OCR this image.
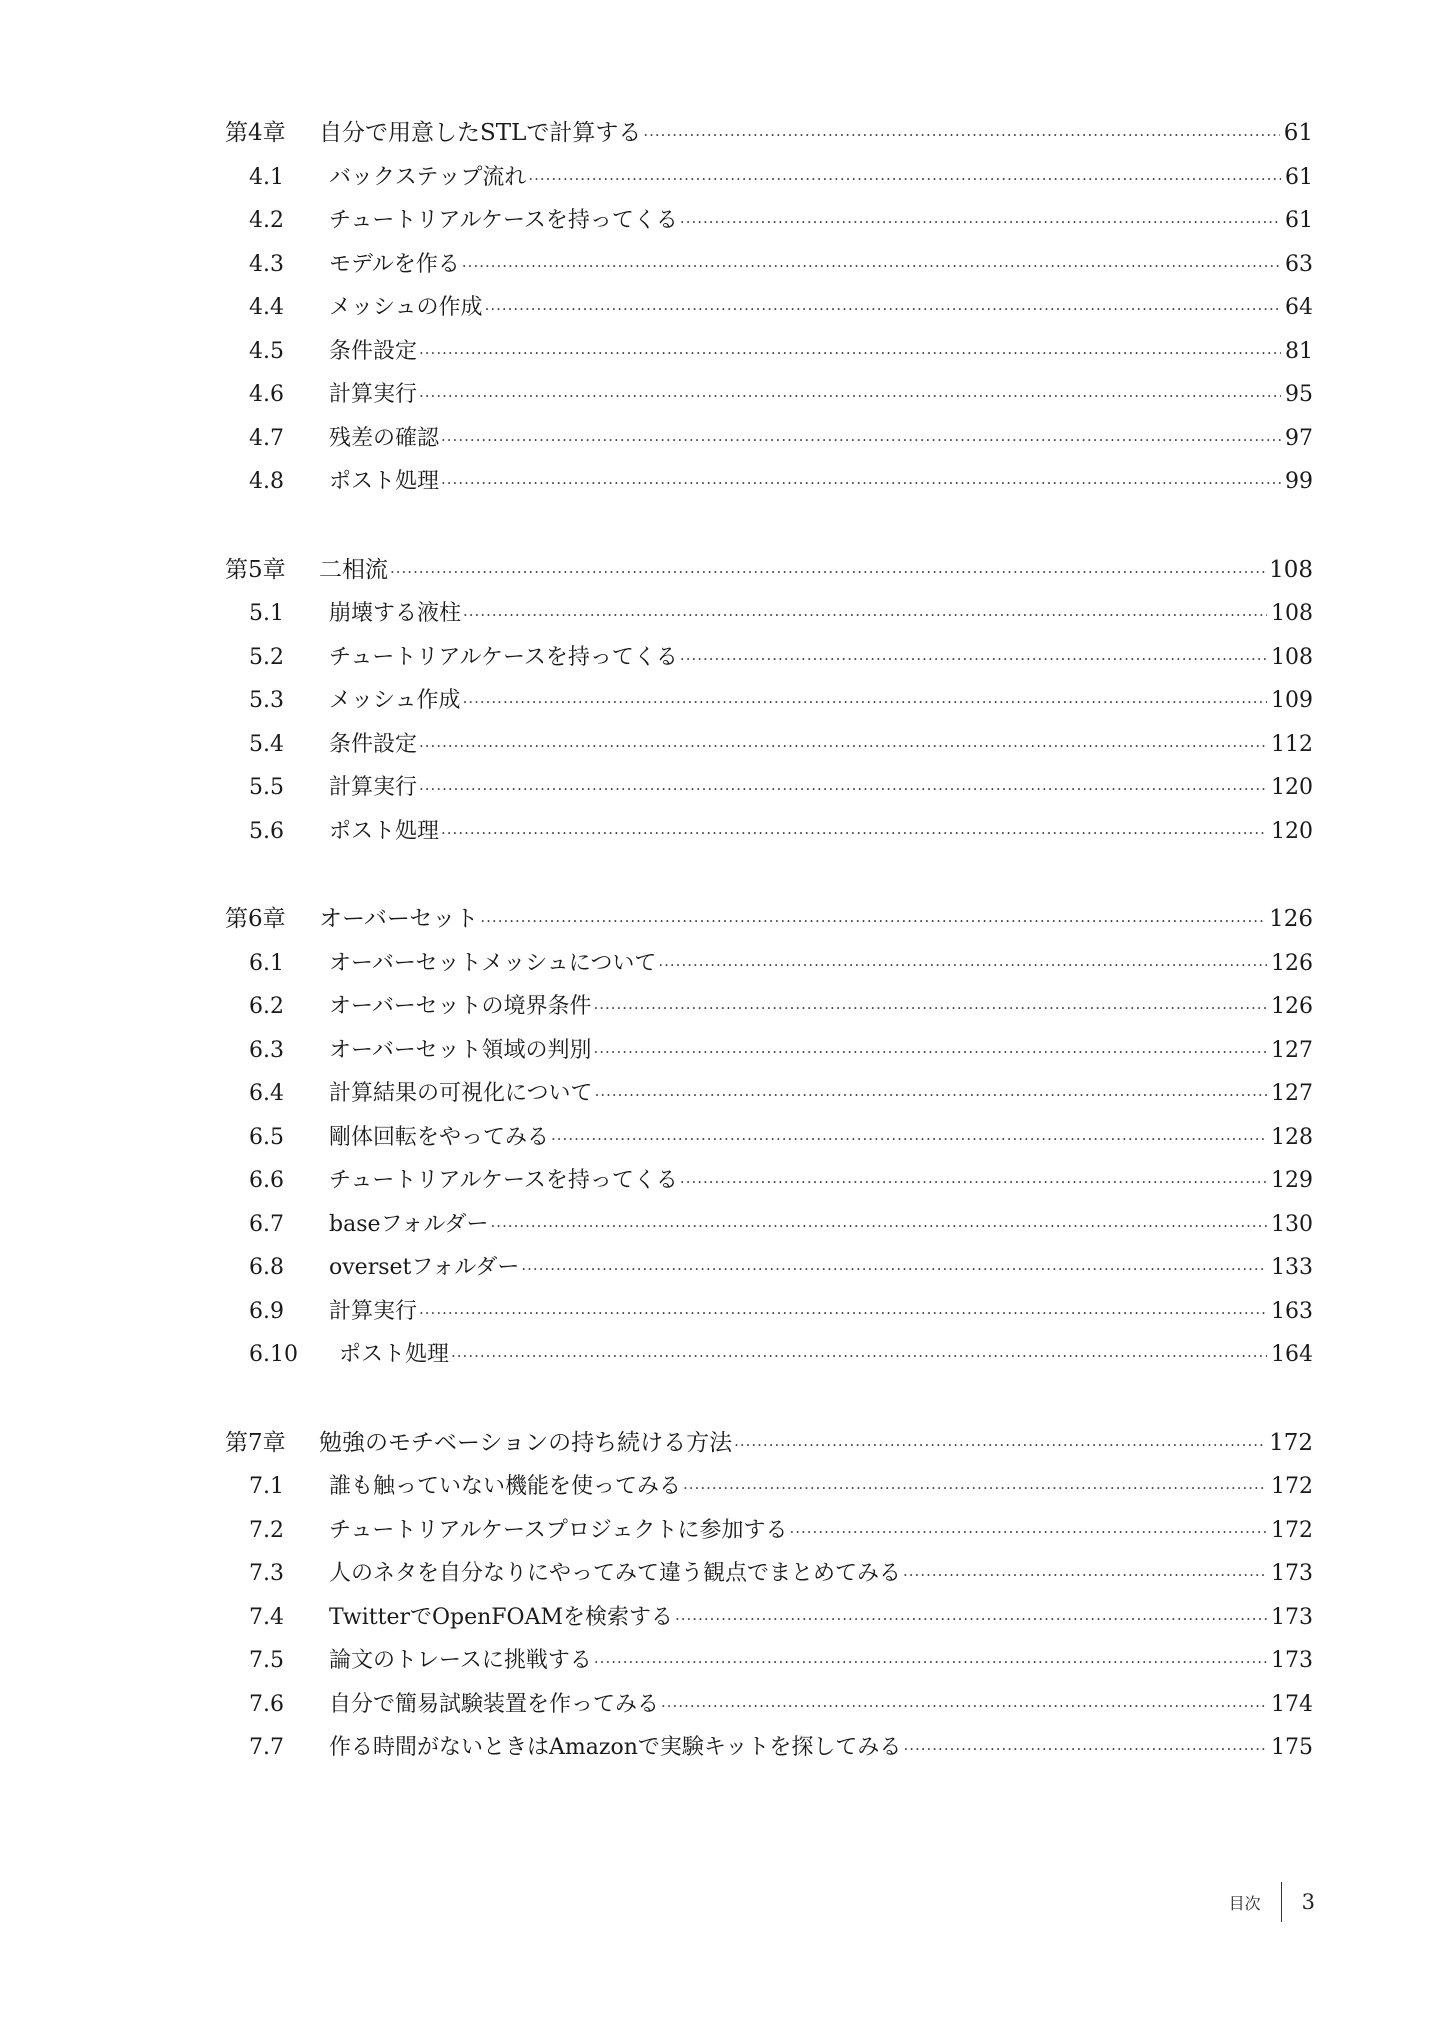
第4章	自分で用意したSTLで計算する ·····	61
4.1	バックステップ流れ ·····	61
4.2	チュートリアルケースを持ってくる ·····	61
4.3	モデルを作る ·····	63
4.4	メッシュの作成 ·····	64
4.5	条件設定 ·····	81
4.6	計算実行 ·····	95
4.7	残差の確認 ·····	97
4.8	ポスト処理 ·····	99
第5章	二相流 ·····	108
5.1	崩壊する液柱 ·····	108
5.2	チュートリアルケースを持ってくる ·····	108
5.3	メッシュ作成 ·····	109
5.4	条件設定 ·····	112
5.5	計算実行 ·····	120
5.6	ポスト処理 ·····	120
第6章	オーバーセット ·····	126
6.1	オーバーセットメッシュについて ·····	126
6.2	オーバーセットの境界条件 ·····	126
6.3	オーバーセット領域の判別 ·····	127
6.4	計算結果の可視化について ·····	127
6.5	剛体回転をやってみる ·····	128
6.6	チュートリアルケースを持ってくる ·····	129
6.7	baseフォルダー ·····	130
6.8	oversetフォルダー ·····	133
6.9	計算実行 ·····	163
6.10	ポスト処理 ·····	164
第7章	勉強のモチベーションの持ち続ける方法 ·····	172
7.1	誰も触っていない機能を使ってみる ·····	172
7.2	チュートリアルケースプロジェクトに参加する ·····	172
7.3	人のネタを自分なりにやってみて違う観点でまとめてみる ·····	173
7.4	TwitterでOpenFOAMを検索する ·····	173
7.5	論文のトレースに挑戦する ·····	173
7.6	自分で簡易試験装置を作ってみる ·····	174
7.7	作る時間がないときはAmazonで実験キットを探してみる ·····	175
目次 3
